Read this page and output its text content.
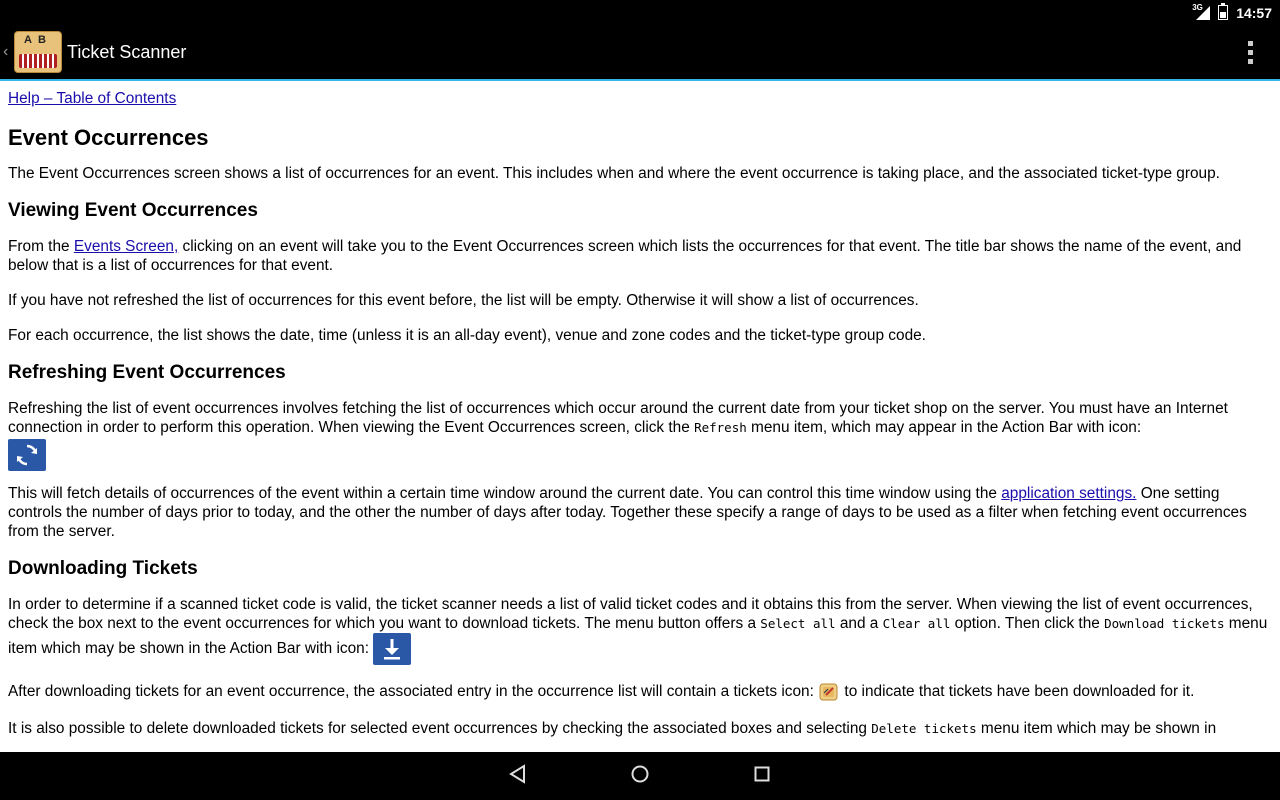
3G 14:57
‹
AB
Ticket Scanner
Help – Table of Contents
Event Occurrences

The Event Occurrences screen shows a list of occurrences for an event. This includes when and where the event occurrence is taking place, and the associated ticket-type group.

Viewing Event Occurrences

From the Events Screen, clicking on an event will take you to the Event Occurrences screen which lists the occurrences for that event. The title bar shows the name of the event, and below that is a list of occurrences for that event.

If you have not refreshed the list of occurrences for this event before, the list will be empty. Otherwise it will show a list of occurrences.

For each occurrence, the list shows the date, time (unless it is an all-day event), venue and zone codes and the ticket-type group code.

Refreshing Event Occurrences

Refreshing the list of event occurrences involves fetching the list of occurrences which occur around the current date from your ticket shop on the server. You must have an Internet connection in order to perform this operation. When viewing the Event Occurrences screen, click the Refresh menu item, which may appear in the Action Bar with icon:

This will fetch details of occurrences of the event within a certain time window around the current date. You can control this time window using the application settings. One setting controls the number of days prior to today, and the other the number of days after today. Together these specify a range of days to be used as a filter when fetching event occurrences from the server.

Downloading Tickets

In order to determine if a scanned ticket code is valid, the ticket scanner needs a list of valid ticket codes and it obtains this from the server. When viewing the list of event occurrences, check the box next to the event occurrences for which you want to download tickets. The menu button offers a Select all and a Clear all option. Then click the Download tickets menu item which may be shown in the Action Bar with icon:

After downloading tickets for an event occurrence, the associated entry in the occurrence list will contain a tickets icon:  to indicate that tickets have been downloaded for it.

It is also possible to delete downloaded tickets for selected event occurrences by checking the associated boxes and selecting Delete tickets menu item which may be shown in
